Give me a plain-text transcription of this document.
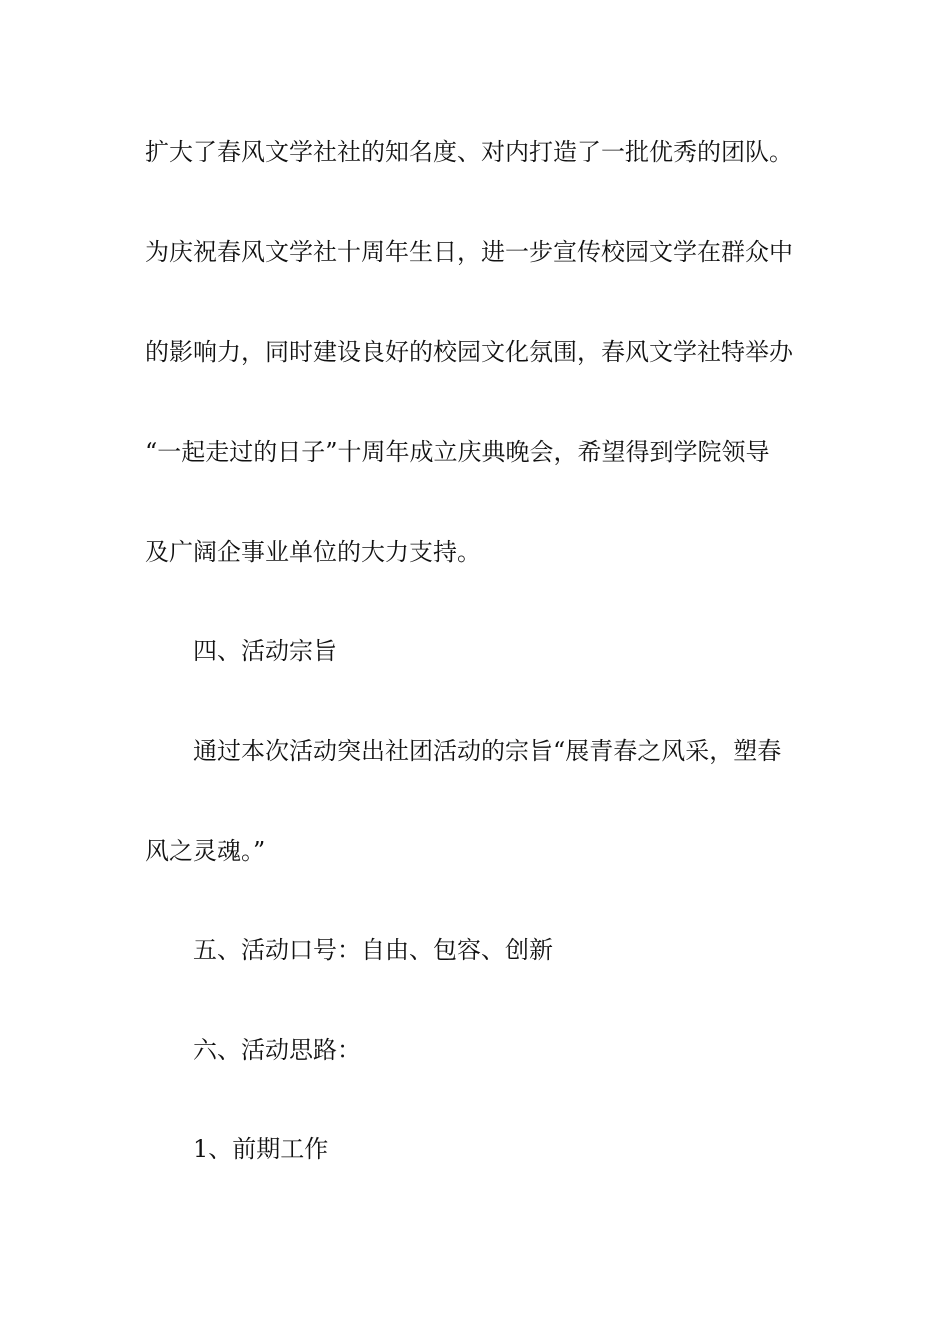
扩大了春风文学社社的知名度、对内打造了一批优秀的团队。
为庆祝春风文学社十周年生日，进一步宣传校园文学在群众中
的影响力，同时建设良好的校园文化氛围，春风文学社特举办
“一起走过的日子”十周年成立庆典晚会，希望得到学院领导
及广阔企事业单位的大力支持。
四、活动宗旨
通过本次活动突出社团活动的宗旨“展青春之风采，塑春
风之灵魂。”
五、活动口号：自由、包容、创新
六、活动思路：
1、前期工作
